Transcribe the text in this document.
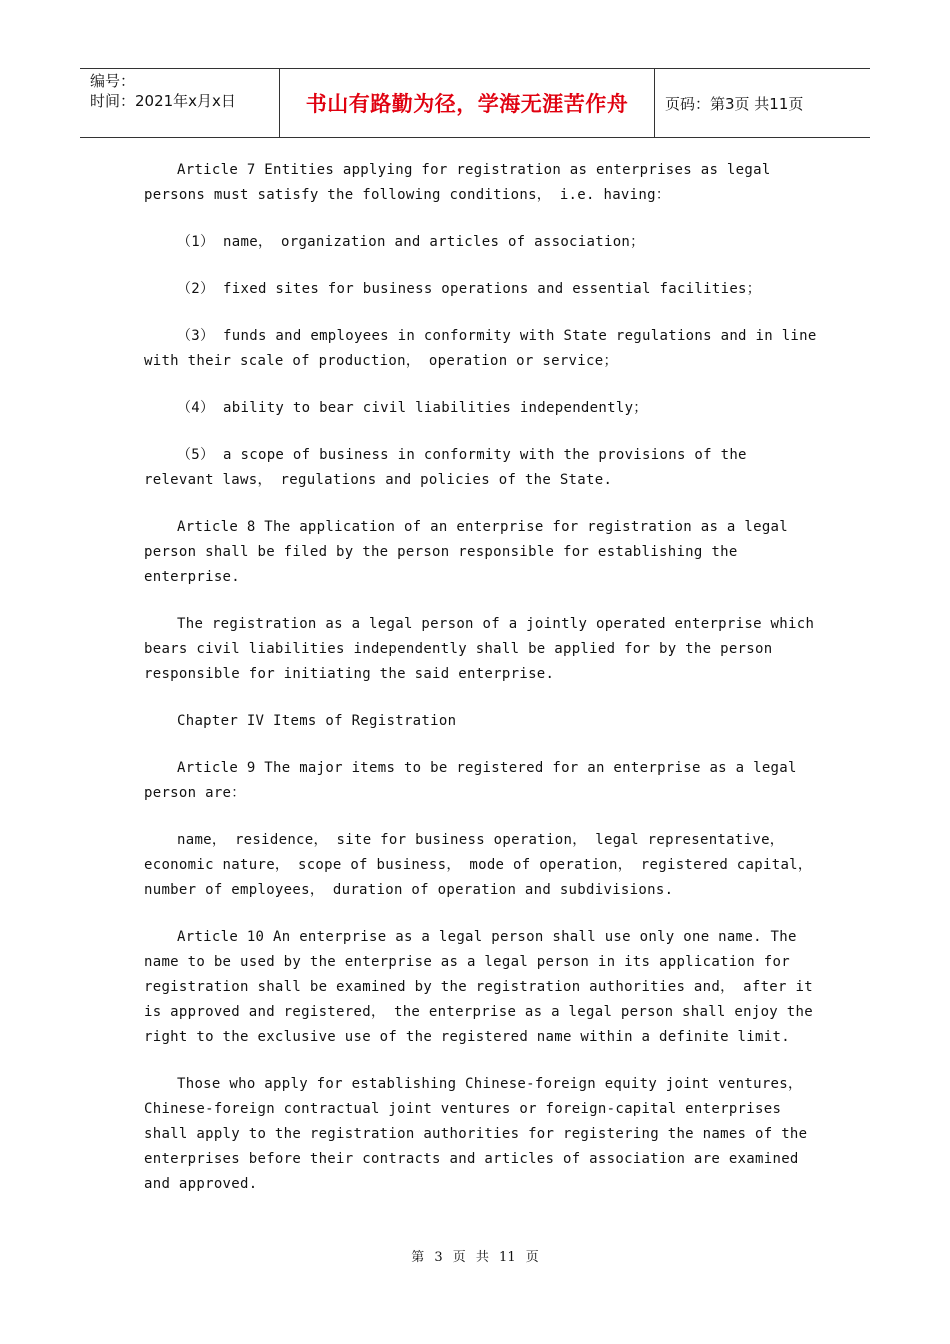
编号：
时间：2021年x月x日	书山有路勤为径，学海无涯苦作舟	页码：第3页 共11页

Article 7 Entities applying for registration as enterprises as legal persons must satisfy the following conditions， i.e. having：

（1） name， organization and articles of association；

（2） fixed sites for business operations and essential facilities；

（3） funds and employees in conformity with State regulations and in line with their scale of production， operation or service；

（4） ability to bear civil liabilities independently；

（5） a scope of business in conformity with the provisions of the relevant laws， regulations and policies of the State.

Article 8 The application of an enterprise for registration as a legal person shall be filed by the person responsible for establishing the enterprise.

The registration as a legal person of a jointly operated enterprise which bears civil liabilities independently shall be applied for by the person responsible for initiating the said enterprise.

Chapter IV Items of Registration

Article 9 The major items to be registered for an enterprise as a legal person are：

name， residence， site for business operation， legal representative， economic nature， scope of business， mode of operation， registered capital， number of employees， duration of operation and subdivisions.

Article 10 An enterprise as a legal person shall use only one name. The name to be used by the enterprise as a legal person in its application for registration shall be examined by the registration authorities and， after it is approved and registered， the enterprise as a legal person shall enjoy the right to the exclusive use of the registered name within a definite limit.

Those who apply for establishing Chinese-foreign equity joint ventures， Chinese-foreign contractual joint ventures or foreign-capital enterprises shall apply to the registration authorities for registering the names of the enterprises before their contracts and articles of association are examined and approved.

第 3 页 共 11 页
